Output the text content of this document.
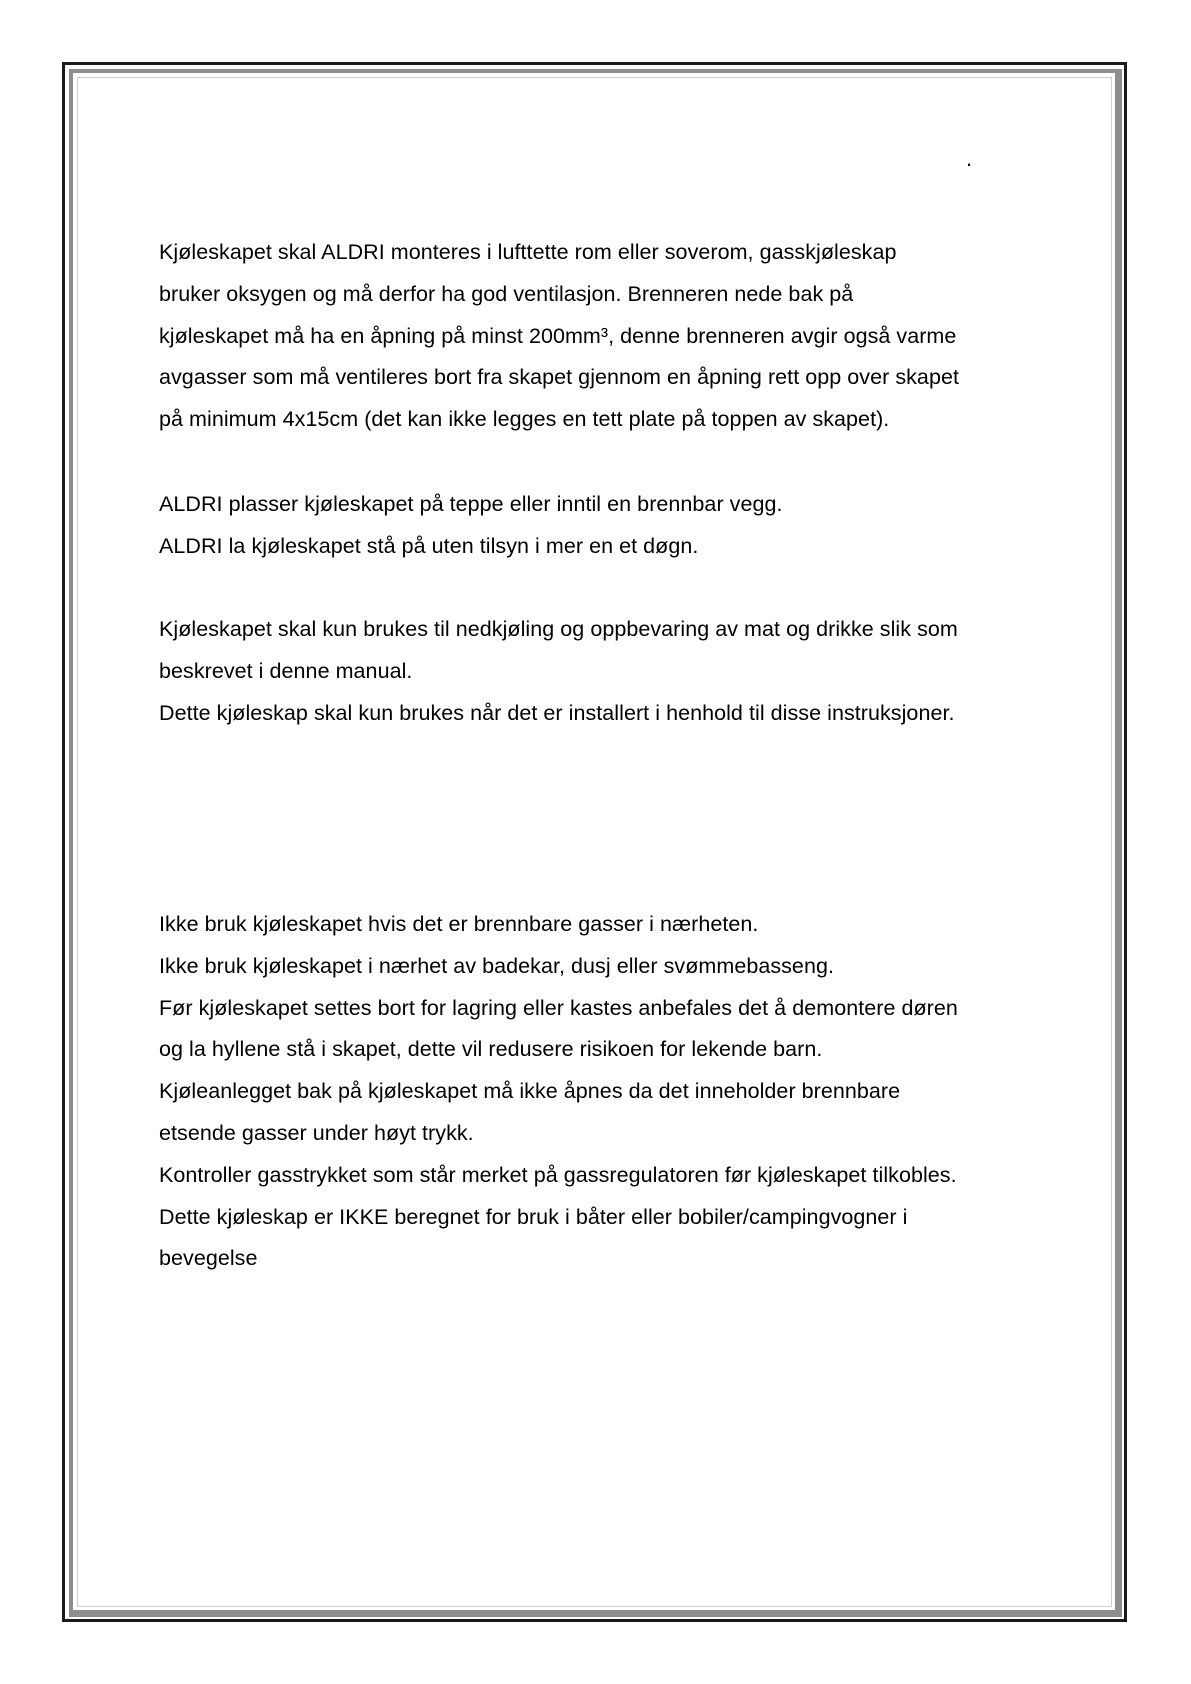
.

Kjøleskapet skal ALDRI monteres i lufttette rom eller soverom, gasskjøleskap
bruker oksygen og må derfor ha god ventilasjon. Brenneren nede bak på
kjøleskapet må ha en åpning på minst 200mm³, denne brenneren avgir også varme
avgasser som må ventileres bort fra skapet gjennom en åpning rett opp over skapet
på minimum 4x15cm (det kan ikke legges en tett plate på toppen av skapet).

ALDRI plasser kjøleskapet på teppe eller inntil en brennbar vegg.
ALDRI la kjøleskapet stå på uten tilsyn i mer en et døgn.

Kjøleskapet skal kun brukes til nedkjøling og oppbevaring av mat og drikke slik som
beskrevet i denne manual.
Dette kjøleskap skal kun brukes når det er installert i henhold til disse instruksjoner.

Ikke bruk kjøleskapet hvis det er brennbare gasser i nærheten.
Ikke bruk kjøleskapet i nærhet av badekar, dusj eller svømmebasseng.
Før kjøleskapet settes bort for lagring eller kastes anbefales det å demontere døren
og la hyllene stå i skapet, dette vil redusere risikoen for lekende barn.
Kjøleanlegget bak på kjøleskapet må ikke åpnes da det inneholder brennbare
etsende gasser under høyt trykk.
Kontroller gasstrykket som står merket på gassregulatoren før kjøleskapet tilkobles.
Dette kjøleskap er IKKE beregnet for bruk i båter eller bobiler/campingvogner i
bevegelse
